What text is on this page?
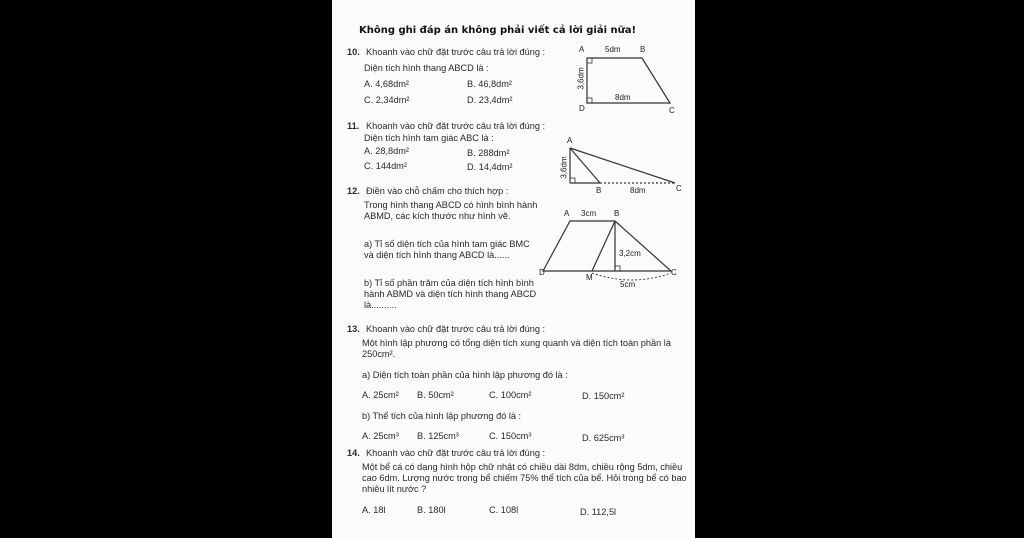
Không ghi đáp án không phải viết cả lời giải nữa!
10. Khoanh vào chữ đặt trước câu trả lời đúng :
Diện tích hình thang ABCD là :
A. 4,68dm²	B. 46,8dm²
C. 2,34dm²	D. 23,4dm²
A	5dm B
3,6dm
8dm
D	C
11. Khoanh vào chữ đặt trước câu trả lời đúng :
Diện tích hình tam giác ABC là :
A. 28,8dm²	B. 288dm²
C. 144dm²	D. 14,4dm²
A
3,6dm
B	8dm	C
12. Điền vào chỗ chấm cho thích hợp :
Trong hình thang ABCD có hình bình hành ABMD, các kích thước như hình vẽ.
a) Tỉ số diện tích của hình tam giác BMC và diện tích hình thang ABCD là......
b) Tỉ số phần trăm của diện tích hình bình hành ABMD và diện tích hình thang ABCD là..........
A 3cm B
3,2cm
D
M
C
5cm
13. Khoanh vào chữ đặt trước câu trả lời đúng :
Một hình lập phương có tổng diện tích xung quanh và diện tích toàn phần là 250cm².
a) Diện tích toàn phần của hình lập phương đó là :
A. 25cm² B. 50cm²	C. 100cm²	D. 150cm²
b) Thể tích của hình lập phương đó là :
A. 25cm³ B. 125cm³	C. 150cm³	D. 625cm³
14. Khoanh vào chữ đặt trước câu trả lời đúng :
Một bể cá có dạng hình hộp chữ nhật có chiều dài 8dm, chiều rộng 5dm, chiều cao 6dm. Lượng nước trong bể chiếm 75% thể tích của bể. Hỏi trong bể có bao nhiêu lít nước ?
A. 18l	B. 180l	C. 108l	D. 112,5l
